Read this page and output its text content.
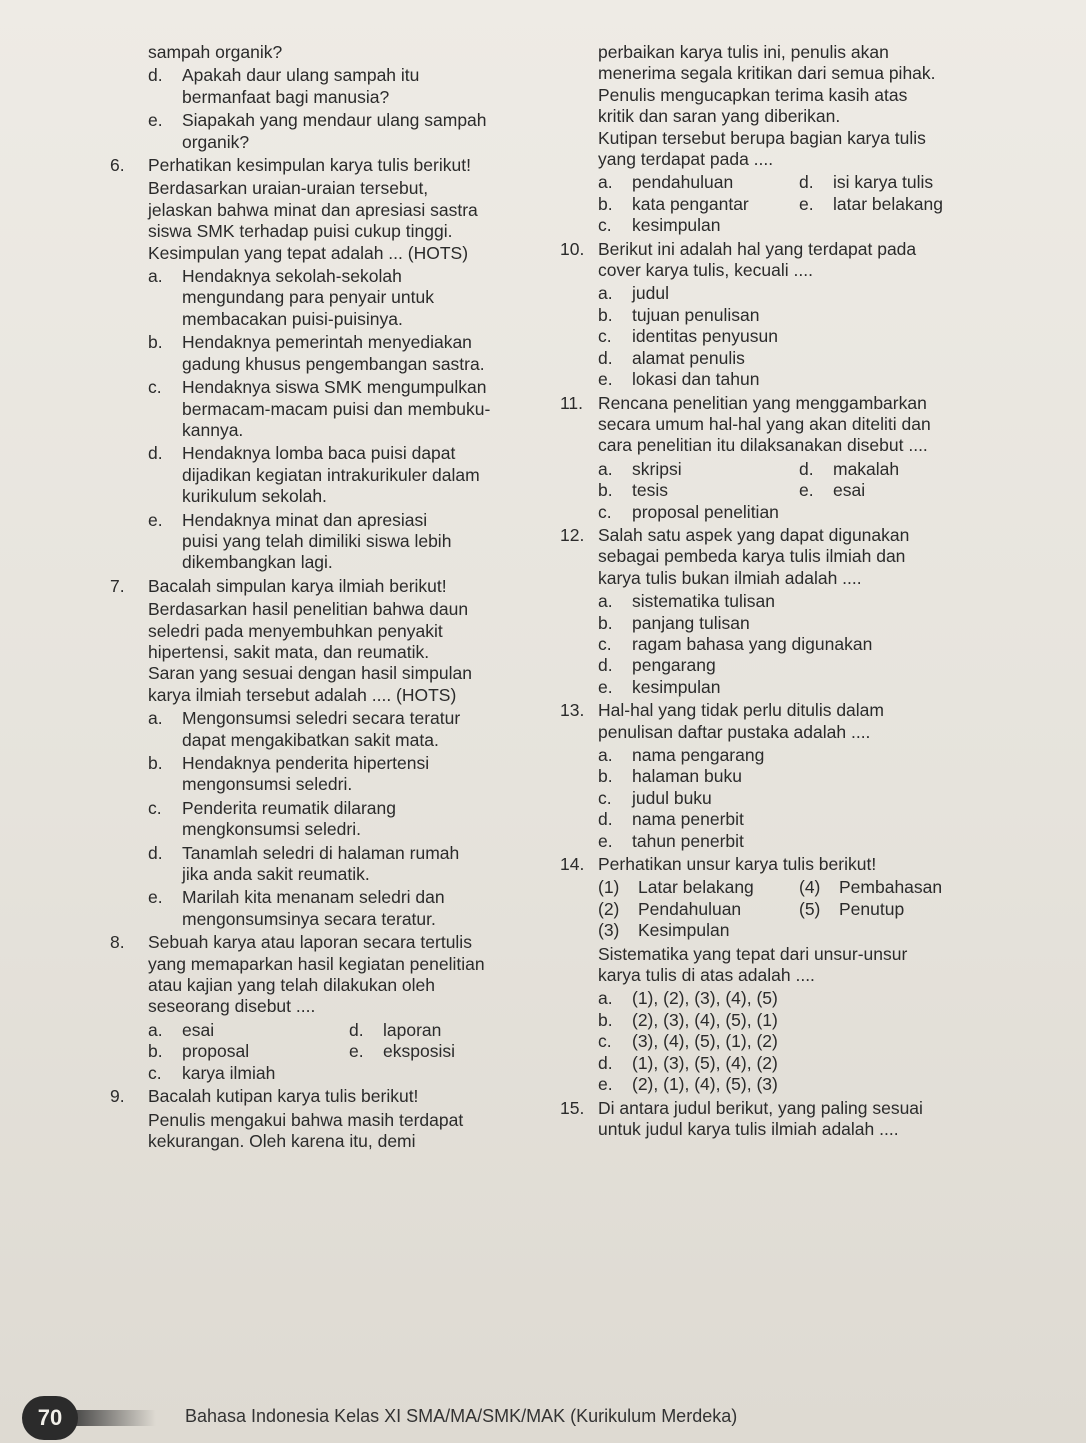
sampah organik?
d. Apakah daur ulang sampah itu
bermanfaat bagi manusia?
e. Siapakah yang mendaur ulang sampah
organik?
6. Perhatikan kesimpulan karya tulis berikut!
Berdasarkan uraian-uraian tersebut,
jelaskan bahwa minat dan apresiasi sastra
siswa SMK terhadap puisi cukup tinggi.
Kesimpulan yang tepat adalah ... (HOTS)
a. Hendaknya sekolah-sekolah
mengundang para penyair untuk
membacakan puisi-puisinya.
b. Hendaknya pemerintah menyediakan
gadung khusus pengembangan sastra.
c. Hendaknya siswa SMK mengumpulkan
bermacam-macam puisi dan membuku-
kannya.
d. Hendaknya lomba baca puisi dapat
dijadikan kegiatan intrakurikuler dalam
kurikulum sekolah.
e. Hendaknya minat dan apresiasi
puisi yang telah dimiliki siswa lebih
dikembangkan lagi.
7. Bacalah simpulan karya ilmiah berikut!
Berdasarkan hasil penelitian bahwa daun
seledri pada menyembuhkan penyakit
hipertensi, sakit mata, dan reumatik.
Saran yang sesuai dengan hasil simpulan
karya ilmiah tersebut adalah .... (HOTS)
a. Mengonsumsi seledri secara teratur
dapat mengakibatkan sakit mata.
b. Hendaknya penderita hipertensi
mengonsumsi seledri.
c. Penderita reumatik dilarang
mengkonsumsi seledri.
d. Tanamlah seledri di halaman rumah
jika anda sakit reumatik.
e. Marilah kita menanam seledri dan
mengonsumsinya secara teratur.
8. Sebuah karya atau laporan secara tertulis
yang memaparkan hasil kegiatan penelitian
atau kajian yang telah dilakukan oleh
seseorang disebut ....
a. esai	d. laporan
b. proposal	e. eksposisi
c. karya ilmiah
9. Bacalah kutipan karya tulis berikut!
Penulis mengakui bahwa masih terdapat
kekurangan. Oleh karena itu, demi
perbaikan karya tulis ini, penulis akan
menerima segala kritikan dari semua pihak.
Penulis mengucapkan terima kasih atas
kritik dan saran yang diberikan.
Kutipan tersebut berupa bagian karya tulis
yang terdapat pada ....
a. pendahuluan	d. isi karya tulis
b. kata pengantar	e. latar belakang
c. kesimpulan
10. Berikut ini adalah hal yang terdapat pada
cover karya tulis, kecuali ....
a. judul
b. tujuan penulisan
c. identitas penyusun
d. alamat penulis
e. lokasi dan tahun
11. Rencana penelitian yang menggambarkan
secara umum hal-hal yang akan diteliti dan
cara penelitian itu dilaksanakan disebut ....
a. skripsi	d. makalah
b. tesis	e. esai
c. proposal penelitian
12. Salah satu aspek yang dapat digunakan
sebagai pembeda karya tulis ilmiah dan
karya tulis bukan ilmiah adalah ....
a. sistematika tulisan
b. panjang tulisan
c. ragam bahasa yang digunakan
d. pengarang
e. kesimpulan
13. Hal-hal yang tidak perlu ditulis dalam
penulisan daftar pustaka adalah ....
a. nama pengarang
b. halaman buku
c. judul buku
d. nama penerbit
e. tahun penerbit
14. Perhatikan unsur karya tulis berikut!
(1) Latar belakang	(4) Pembahasan
(2) Pendahuluan	(5) Penutup
(3) Kesimpulan
Sistematika yang tepat dari unsur-unsur
karya tulis di atas adalah ....
a. (1), (2), (3), (4), (5)
b. (2), (3), (4), (5), (1)
c. (3), (4), (5), (1), (2)
d. (1), (3), (5), (4), (2)
e. (2), (1), (4), (5), (3)
15. Di antara judul berikut, yang paling sesuai
untuk judul karya tulis ilmiah adalah ....
70	Bahasa Indonesia Kelas XI SMA/MA/SMK/MAK (Kurikulum Merdeka)
